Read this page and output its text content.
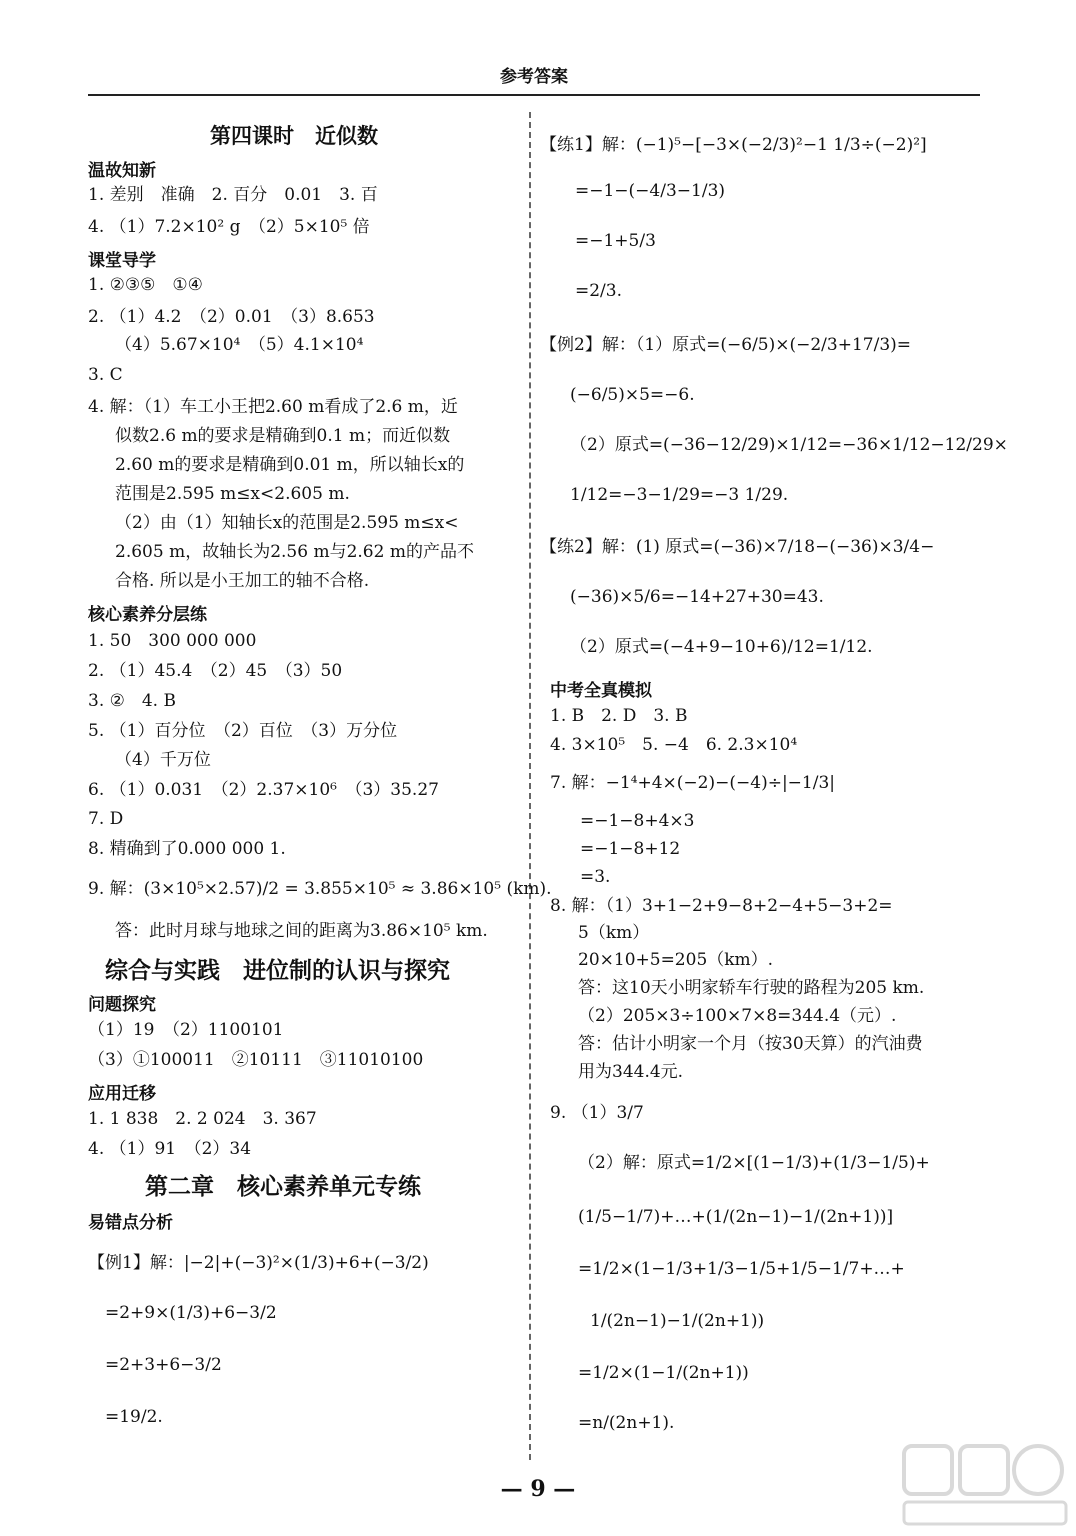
参考答案
第四课时　近似数
温故知新
1. 差别　准确　2. 百分　0.01　3. 百
4. （1）7.2×10² g　（2）5×10⁵ 倍
课堂导学
1. ②③⑤　①④
2. （1）4.2　（2）0.01　（3）8.653
（4）5.67×10⁴　（5）4.1×10⁴
3. C
4. 解：（1）车工小王把2.60 m看成了2.6 m，近
似数2.6 m的要求是精确到0.1 m；而近似数
2.60 m的要求是精确到0.01 m，所以轴长x的
范围是2.595 m≤x<2.605 m.
（2）由（1）知轴长x的范围是2.595 m≤x<
2.605 m，故轴长为2.56 m与2.62 m的产品不
合格. 所以是小王加工的轴不合格.
核心素养分层练
1. 50　300 000 000
2. （1）45.4　（2）45　（3）50
3. ②　4. B
5. （1）百分位　（2）百位　（3）万分位
（4）千万位
6. （1）0.031　（2）2.37×10⁶　（3）35.27
7. D
8. 精确到了0.000 000 1.
9. 解：(3×10⁵×2.57)/2 = 3.855×10⁵ ≈ 3.86×10⁵ (km).
答：此时月球与地球之间的距离为3.86×10⁵ km.
综合与实践　进位制的认识与探究
问题探究
（1）19　（2）1100101
（3）①100011　②10111　③11010100
应用迁移
1. 1 838　2. 2 024　3. 367
4. （1）91　（2）34
第二章　核心素养单元专练
易错点分析
【例1】解：|−2|+(−3)²×(1/3)+6+(−3/2)
=2+9×(1/3)+6−3/2
=2+3+6−3/2
=19/2.
【练1】解：(−1)⁵−[−3×(−2/3)²−1 1/3÷(−2)²]
=−1−(−4/3−1/3)
=−1+5/3
=2/3.
【例2】解：（1）原式=(−6/5)×(−2/3+17/3)=
(−6/5)×5=−6.
（2）原式=(−36−12/29)×1/12=−36×1/12−12/29×
1/12=−3−1/29=−3 1/29.
【练2】解：(1) 原式=(−36)×7/18−(−36)×3/4−
(−36)×5/6=−14+27+30=43.
（2）原式=(−4+9−10+6)/12=1/12.
中考全真模拟
1. B　2. D　3. B
4. 3×10⁵　5. −4　6. 2.3×10⁴
7. 解：−1⁴+4×(−2)−(−4)÷|−1/3|
=−1−8+4×3
=−1−8+12
=3.
8. 解：（1）3+1−2+9−8+2−4+5−3+2=
5（km）
20×10+5=205（km）.
答：这10天小明家轿车行驶的路程为205 km.
（2）205×3÷100×7×8=344.4（元）.
答：估计小明家一个月（按30天算）的汽油费
用为344.4元.
9. （1）3/7
（2）解：原式=1/2×[(1−1/3)+(1/3−1/5)+
(1/5−1/7)+…+(1/(2n−1)−1/(2n+1))]
=1/2×(1−1/3+1/3−1/5+1/5−1/7+…+
1/(2n−1)−1/(2n+1))
=1/2×(1−1/(2n+1))
=n/(2n+1).
— 9 —
